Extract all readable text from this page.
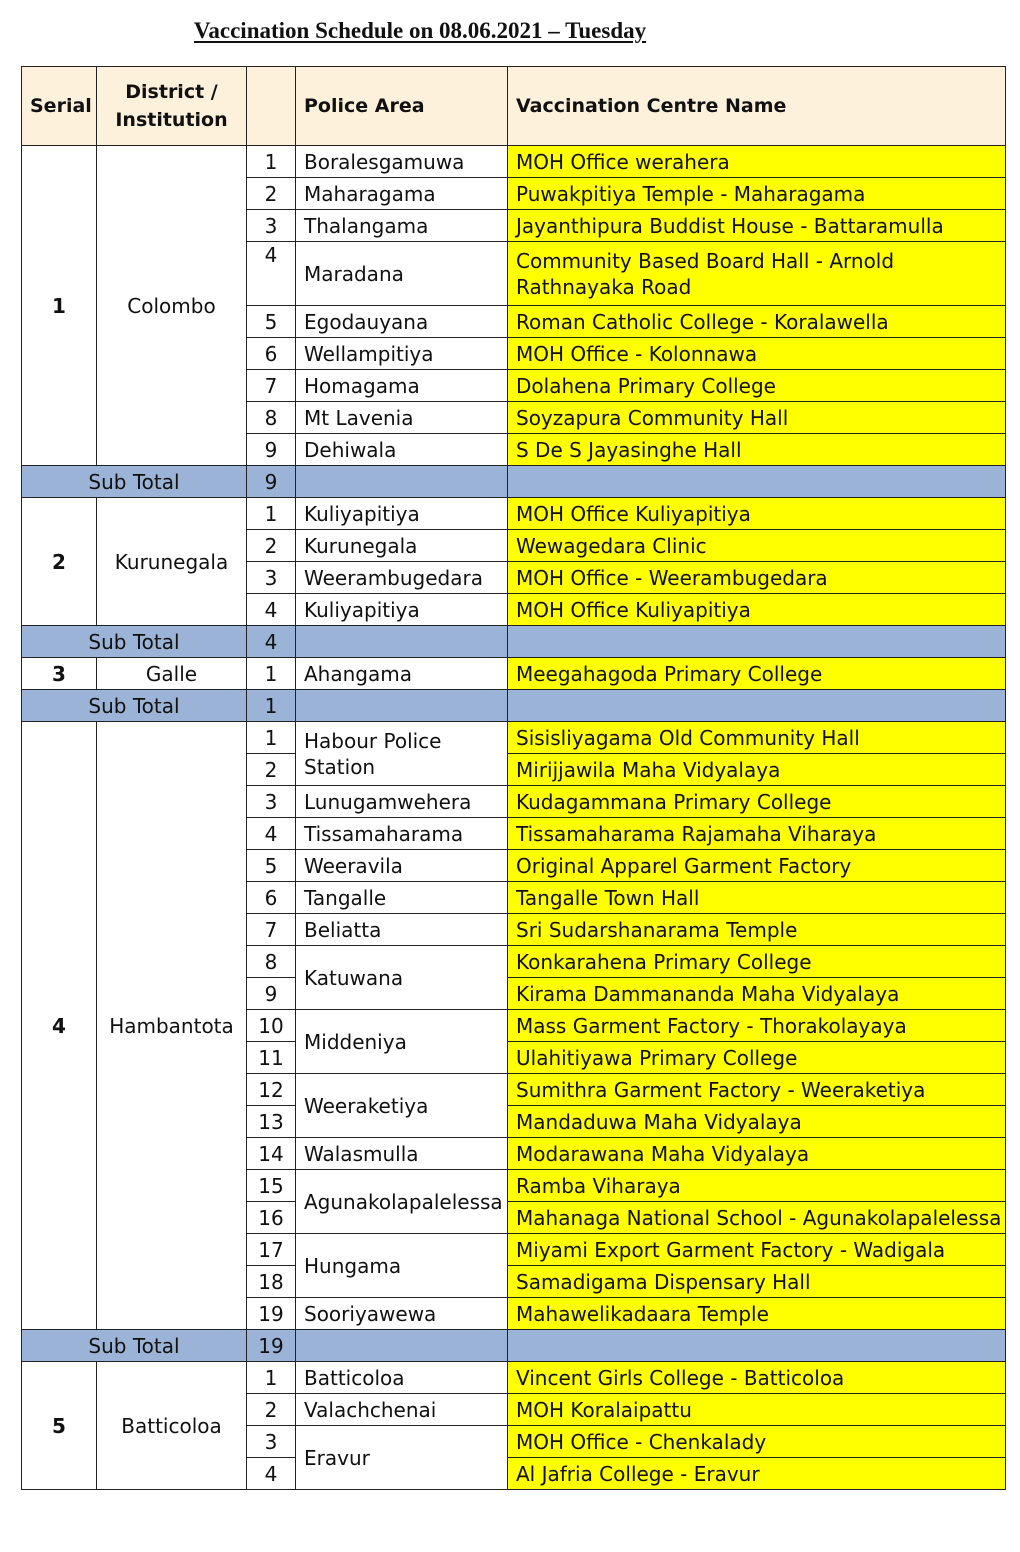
Vaccination Schedule on 08.06.2021 – Tuesday
Serial	District / Institution		Police Area	Vaccination Centre Name
1	Colombo	1	Boralesgamuwa	MOH Office werahera
		2	Maharagama	Puwakpitiya Temple - Maharagama
		3	Thalangama	Jayanthipura Buddist House - Battaramulla
		4	Maradana	Community Based Board Hall - Arnold Rathnayaka Road
		5	Egodauyana	Roman Catholic College - Koralawella
		6	Wellampitiya	MOH Office - Kolonnawa
		7	Homagama	Dolahena Primary College
		8	Mt Lavenia	Soyzapura Community Hall
		9	Dehiwala	S De S Jayasinghe Hall
Sub Total		9		
2	Kurunegala	1	Kuliyapitiya	MOH Office Kuliyapitiya
		2	Kurunegala	Wewagedara Clinic
		3	Weerambugedara	MOH Office - Weerambugedara
		4	Kuliyapitiya	MOH Office Kuliyapitiya
Sub Total		4		
3	Galle	1	Ahangama	Meegahagoda Primary College
Sub Total		1		
4	Hambantota	1	Habour Police Station	Sisisliyagama Old Community Hall
		2		Mirijjawila Maha Vidyalaya
		3	Lunugamwehera	Kudagammana Primary College
		4	Tissamaharama	Tissamaharama Rajamaha Viharaya
		5	Weeravila	Original Apparel Garment Factory
		6	Tangalle	Tangalle Town Hall
		7	Beliatta	Sri Sudarshanarama Temple
		8	Katuwana	Konkarahena Primary College
		9		Kirama Dammananda Maha Vidyalaya
		10	Middeniya	Mass Garment Factory - Thorakolayaya
		11		Ulahitiyawa Primary College
		12	Weeraketiya	Sumithra Garment Factory - Weeraketiya
		13		Mandaduwa Maha Vidyalaya
		14	Walasmulla	Modarawana Maha Vidyalaya
		15	Agunakolapalelessa	Ramba Viharaya
		16		Mahanaga National School - Agunakolapalelessa
		17	Hungama	Miyami Export Garment Factory - Wadigala
		18		Samadigama Dispensary Hall
		19	Sooriyawewa	Mahawelikadaara Temple
Sub Total		19		
5	Batticoloa	1	Batticoloa	Vincent Girls College - Batticoloa
		2	Valachchenai	MOH Koralaipattu
		3	Eravur	MOH Office - Chenkalady
		4		Al Jafria College - Eravur
